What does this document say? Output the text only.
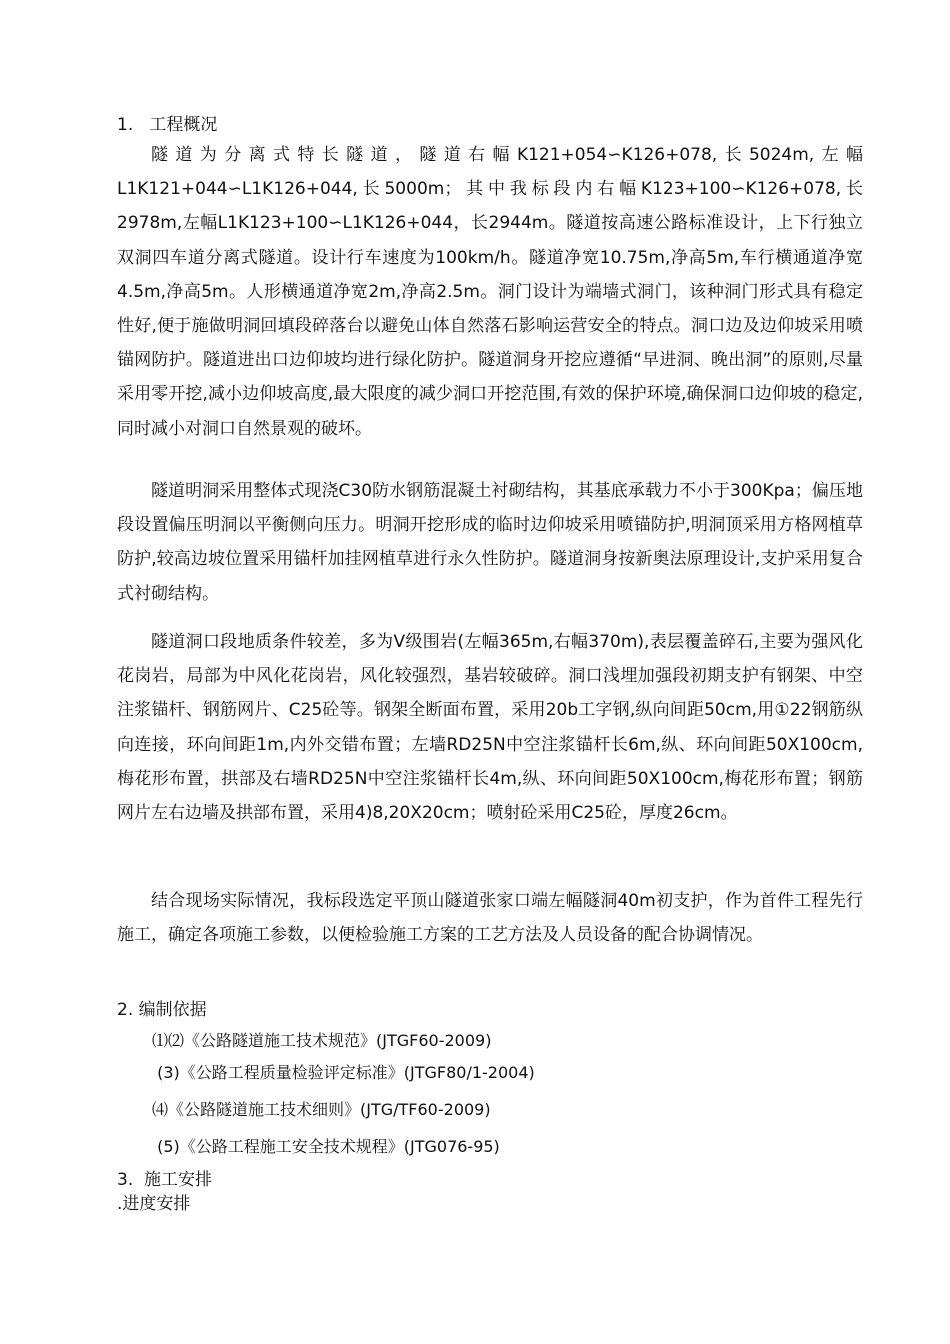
1.   工程概况

隧道为分离式特长隧道，隧道右幅K121+054∽K126+078,长5024m,左幅L1K121+044∽L1K126+044,长5000m；其中我标段内右幅K123+100∽K126+078,长2978m,左幅L1K123+100∽L1K126+044，长2944m。隧道按高速公路标准设计，上下行独立双洞四车道分离式隧道。设计行车速度为100km/h。隧道净宽10.75m,净高5m,车行横通道净宽4.5m,净高5m。人形横通道净宽2m,净高2.5m。洞门设计为端墙式洞门，该种洞门形式具有稳定性好,便于施做明洞回填段碎落台以避免山体自然落石影响运营安全的特点。洞口边及边仰坡采用喷锚网防护。隧道进出口边仰坡均进行绿化防护。隧道洞身开挖应遵循“早进洞、晚出洞”的原则,尽量采用零开挖,减小边仰坡高度,最大限度的减少洞口开挖范围,有效的保护环境,确保洞口边仰坡的稳定,同时减小对洞口自然景观的破坏。

隧道明洞采用整体式现浇C30防水钢筋混凝土衬砌结构，其基底承载力不小于300Kpa；偏压地段设置偏压明洞以平衡侧向压力。明洞开挖形成的临时边仰坡采用喷锚防护,明洞顶采用方格网植草防护,较高边坡位置采用锚杆加挂网植草进行永久性防护。隧道洞身按新奥法原理设计,支护采用复合式衬砌结构。

隧道洞口段地质条件较差，多为Ⅴ级围岩(左幅365m,右幅370m),表层覆盖碎石,主要为强风化花岗岩，局部为中风化花岗岩，风化较强烈，基岩较破碎。洞口浅埋加强段初期支护有钢架、中空注浆锚杆、钢筋网片、C25砼等。钢架全断面布置，采用20b工字钢,纵向间距50cm,用①22钢筋纵向连接，环向间距1m,内外交错布置；左墙RD25N中空注浆锚杆长6m,纵、环向间距50X100cm,梅花形布置，拱部及右墙RD25N中空注浆锚杆长4m,纵、环向间距50X100cm,梅花形布置；钢筋网片左右边墙及拱部布置，采用4)8,20X20cm；喷射砼采用C25砼，厚度26cm。

结合现场实际情况，我标段选定平顶山隧道张家口端左幅隧洞40m初支护，作为首件工程先行施工，确定各项施工参数，以便检验施工方案的工艺方法及人员设备的配合协调情况。

2. 编制依据
⑴⑵《公路隧道施工技术规范》(JTGF60-2009)
(3)《公路工程质量检验评定标准》(JTGF80/1-2004)
⑷《公路隧道施工技术细则》(JTG/TF60-2009)
(5)《公路工程施工安全技术规程》(JTG076-95)
3.  施工安排
.进度安排
